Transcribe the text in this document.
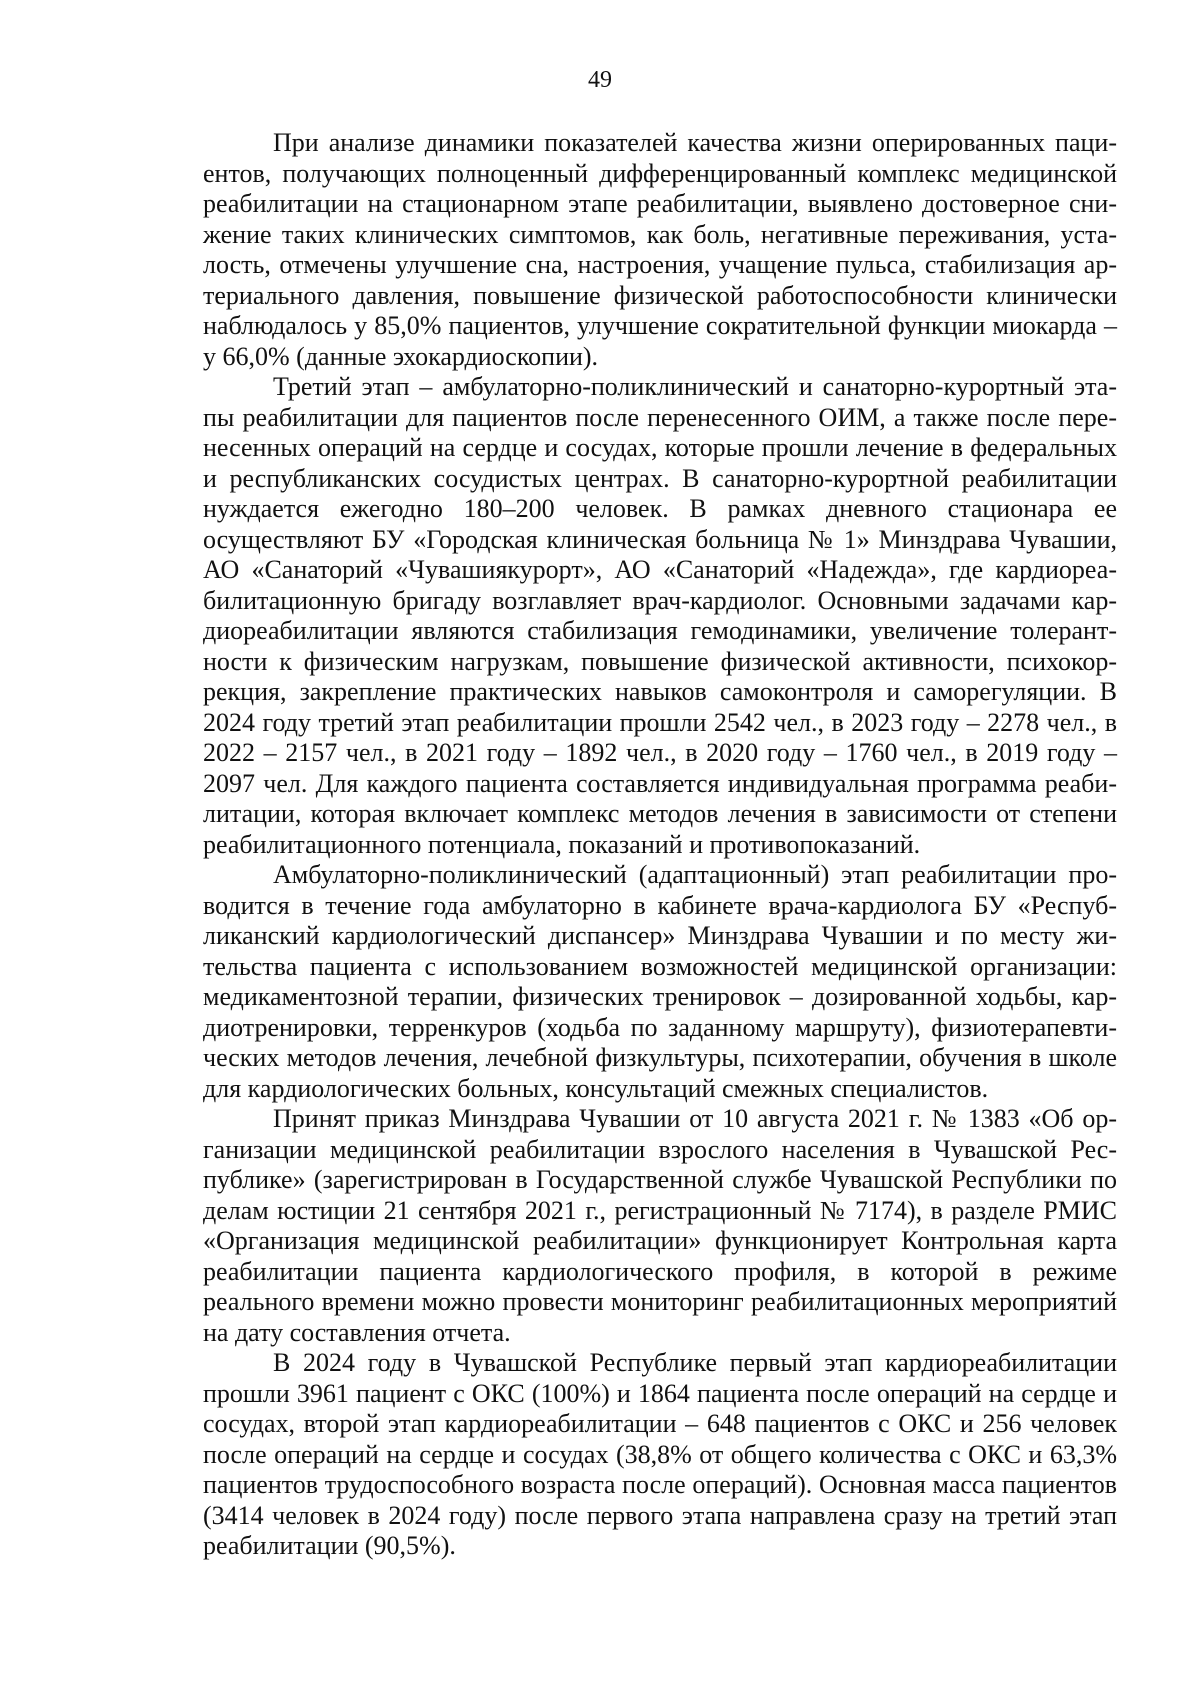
49

При анализе динамики показателей качества жизни оперированных пациентов, получающих полноценный дифференцированный комплекс медицинской реабилитации на стационарном этапе реабилитации, выявлено достоверное снижение таких клинических симптомов, как боль, негативные переживания, усталость, отмечены улучшение сна, настроения, учащение пульса, стабилизация артериального давления, повышение физической работоспособности клинически наблюдалось у 85,0% пациентов, улучшение сократительной функции миокарда – у 66,0% (данные эхокардиоскопии).

Третий этап – амбулаторно-поликлинический и санаторно-курортный этапы реабилитации для пациентов после перенесенного ОИМ, а также после перенесенных операций на сердце и сосудах, которые прошли лечение в федеральных и республиканских сосудистых центрах. В санаторно-курортной реабилитации нуждается ежегодно 180–200 человек. В рамках дневного стационара ее осуществляют БУ «Городская клиническая больница № 1» Минздрава Чувашии, АО «Санаторий «Чувашиякурорт», АО «Санаторий «Надежда», где кардиореабилитационную бригаду возглавляет врач-кардиолог. Основными задачами кардиореабилитации являются стабилизация гемодинамики, увеличение толерантности к физическим нагрузкам, повышение физической активности, психокоррекция, закрепление практических навыков самоконтроля и саморегуляции. В 2024 году третий этап реабилитации прошли 2542 чел., в 2023 году – 2278 чел., в 2022 – 2157 чел., в 2021 году – 1892 чел., в 2020 году – 1760 чел., в 2019 году – 2097 чел. Для каждого пациента составляется индивидуальная программа реабилитации, которая включает комплекс методов лечения в зависимости от степени реабилитационного потенциала, показаний и противопоказаний.

Амбулаторно-поликлинический (адаптационный) этап реабилитации проводится в течение года амбулаторно в кабинете врача-кардиолога БУ «Республиканский кардиологический диспансер» Минздрава Чувашии и по месту жительства пациента с использованием возможностей медицинской организации: медикаментозной терапии, физических тренировок – дозированной ходьбы, кардиотренировки, терренкуров (ходьба по заданному маршруту), физиотерапевтических методов лечения, лечебной физкультуры, психотерапии, обучения в школе для кардиологических больных, консультаций смежных специалистов.

Принят приказ Минздрава Чувашии от 10 августа 2021 г. № 1383 «Об организации медицинской реабилитации взрослого населения в Чувашской Республике» (зарегистрирован в Государственной службе Чувашской Республики по делам юстиции 21 сентября 2021 г., регистрационный № 7174), в разделе РМИС «Организация медицинской реабилитации» функционирует Контрольная карта реабилитации пациента кардиологического профиля, в которой в режиме реального времени можно провести мониторинг реабилитационных мероприятий на дату составления отчета.

В 2024 году в Чувашской Республике первый этап кардиореабилитации прошли 3961 пациент с ОКС (100%) и 1864 пациента после операций на сердце и сосудах, второй этап кардиореабилитации – 648 пациентов с ОКС и 256 человек после операций на сердце и сосудах (38,8% от общего количества с ОКС и 63,3% пациентов трудоспособного возраста после операций). Основная масса пациентов (3414 человек в 2024 году) после первого этапа направлена сразу на третий этап реабилитации (90,5%).
